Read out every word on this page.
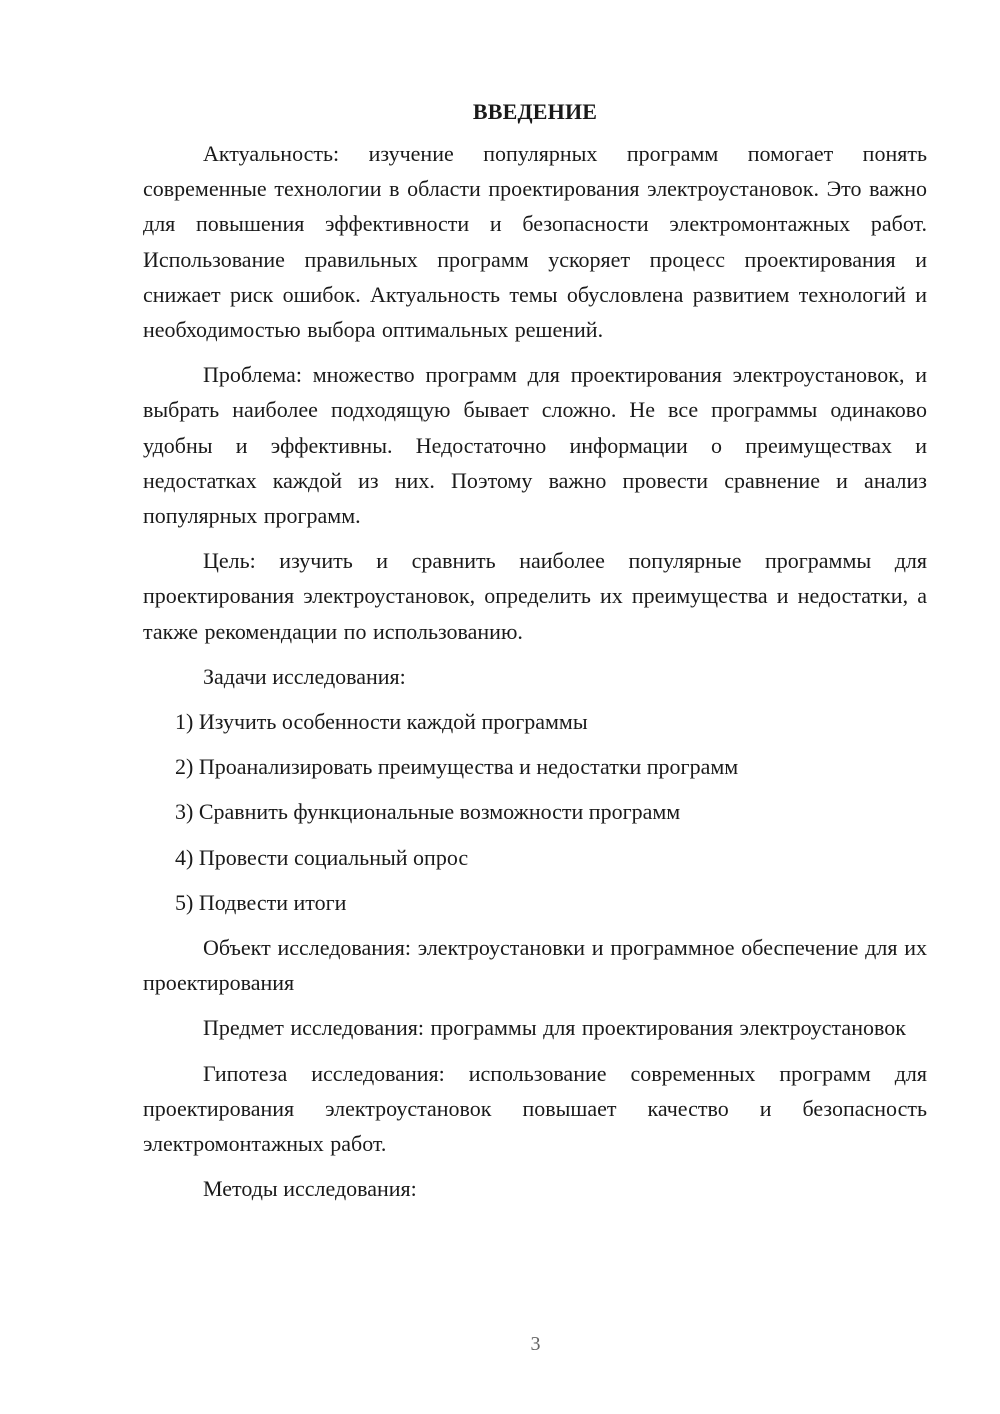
ВВЕДЕНИЕ

Актуальность: изучение популярных программ помогает понять современные технологии в области проектирования электроустановок. Это важно для повышения эффективности и безопасности электромонтажных работ. Использование правильных программ ускоряет процесс проектирования и снижает риск ошибок. Актуальность темы обусловлена развитием технологий и необходимостью выбора оптимальных решений.

Проблема: множество программ для проектирования электроустановок, и выбрать наиболее подходящую бывает сложно. Не все программы одинаково удобны и эффективны. Недостаточно информации о преимуществах и недостатках каждой из них. Поэтому важно провести сравнение и анализ популярных программ.

Цель: изучить и сравнить наиболее популярные программы для проектирования электроустановок, определить их преимущества и недостатки, а также рекомендации по использованию.

Задачи исследования:

1) Изучить особенности каждой программы
2) Проанализировать преимущества и недостатки программ
3) Сравнить функциональные возможности программ
4) Провести социальный опрос
5) Подвести итоги

Объект исследования: электроустановки и программное обеспечение для их проектирования

Предмет исследования: программы для проектирования электроустановок

Гипотеза исследования: использование современных программ для проектирования электроустановок повышает качество и безопасность электромонтажных работ.

Методы исследования:

3
